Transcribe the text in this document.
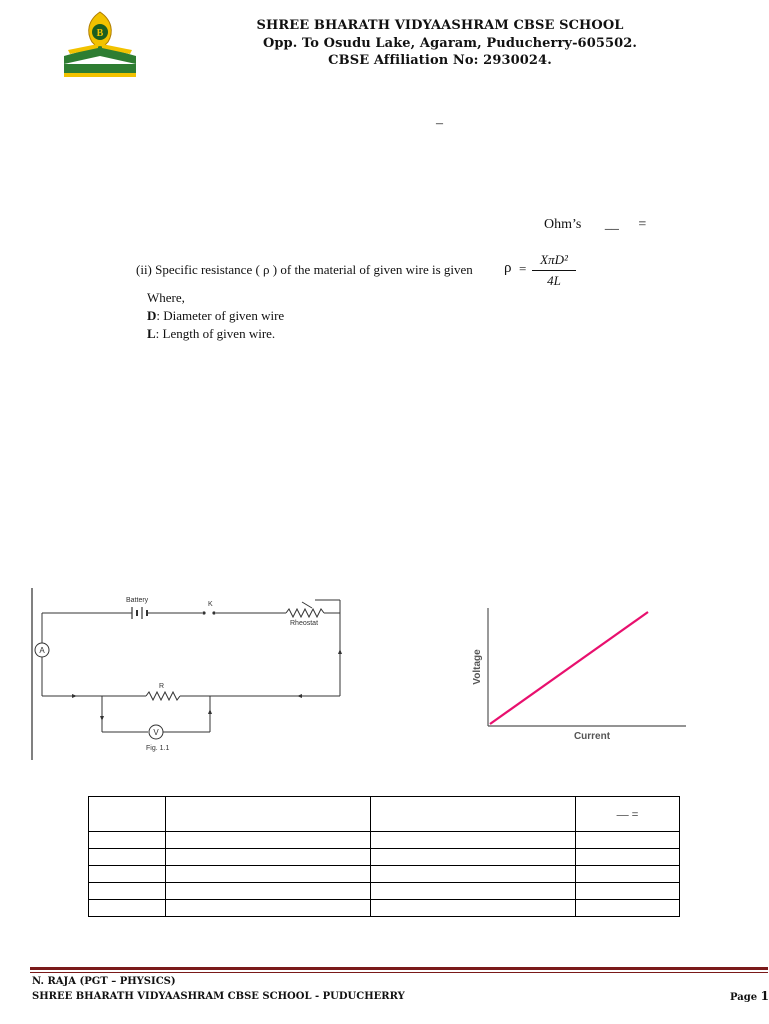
B
SHREE BHARATH VIDYAASHRAM CBSE SCHOOL
Opp. To Osudu Lake, Agaram, Puducherry-605502.
CBSE Affiliation No: 2930024.
–
Ohm’s __ =
(ii) Specific resistance ( ρ ) of the material of given wire is given ρ =
XπD²
4L
Where,
D: Diameter of given wire
L: Length of given wire.
Battery
K
Rheostat
A
R
V
Fig. 1.1
Voltage
Current
			— =

N. RAJA (PGT – PHYSICS)
SHREE BHARATH VIDYAASHRAM CBSE SCHOOL - PUDUCHERRY	Page 1
